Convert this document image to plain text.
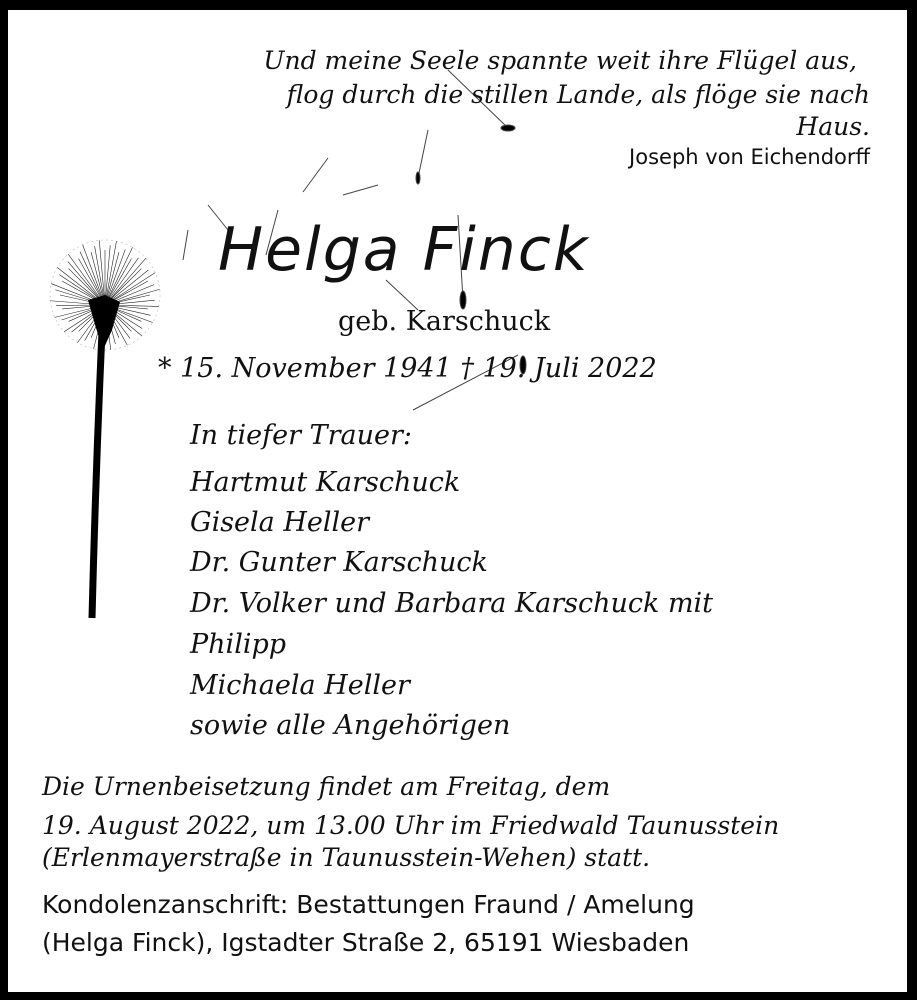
Und meine Seele spannte weit ihre Flügel aus,
flog durch die stillen Lande, als flöge sie nach
Haus.
Joseph von Eichendorff
Helga Finck
geb. Karschuck
* 15. November 1941 † 19. Juli 2022
In tiefer Trauer:
Hartmut Karschuck
Gisela Heller
Dr. Gunter Karschuck
Dr. Volker und Barbara Karschuck mit
Philipp
Michaela Heller
sowie alle Angehörigen
Die Urnenbeisetzung findet am Freitag, dem
19. August 2022, um 13.00 Uhr im Friedwald Taunusstein
(Erlenmayerstraße in Taunusstein-Wehen) statt.
Kondolenzanschrift: Bestattungen Fraund / Amelung
(Helga Finck), Igstadter Straße 2, 65191 Wiesbaden
